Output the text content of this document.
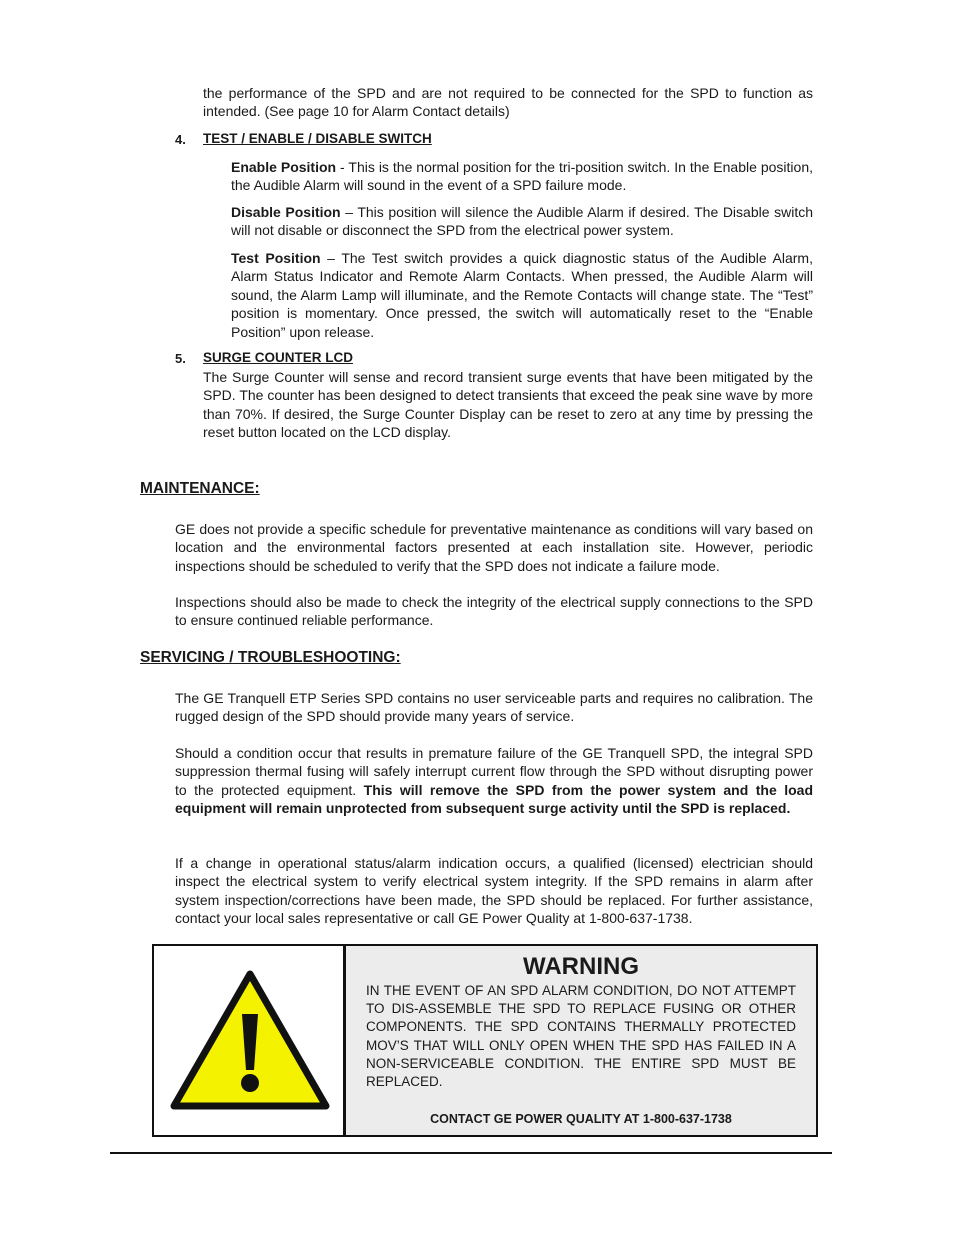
the performance of the SPD and are not required to be connected for the SPD to function as intended. (See page 10 for Alarm Contact details)

4. TEST / ENABLE / DISABLE SWITCH

Enable Position - This is the normal position for the tri-position switch. In the Enable position, the Audible Alarm will sound in the event of a SPD failure mode.

Disable Position – This position will silence the Audible Alarm if desired. The Disable switch will not disable or disconnect the SPD from the electrical power system.

Test Position – The Test switch provides a quick diagnostic status of the Audible Alarm, Alarm Status Indicator and Remote Alarm Contacts. When pressed, the Audible Alarm will sound, the Alarm Lamp will illuminate, and the Remote Contacts will change state. The “Test” position is momentary. Once pressed, the switch will automatically reset to the “Enable Position” upon release.

5. SURGE COUNTER LCD

The Surge Counter will sense and record transient surge events that have been mitigated by the SPD. The counter has been designed to detect transients that exceed the peak sine wave by more than 70%. If desired, the Surge Counter Display can be reset to zero at any time by pressing the reset button located on the LCD display.

MAINTENANCE:

GE does not provide a specific schedule for preventative maintenance as conditions will vary based on location and the environmental factors presented at each installation site. However, periodic inspections should be scheduled to verify that the SPD does not indicate a failure mode.

Inspections should also be made to check the integrity of the electrical supply connections to the SPD to ensure continued reliable performance.

SERVICING / TROUBLESHOOTING:

The GE Tranquell ETP Series SPD contains no user serviceable parts and requires no calibration. The rugged design of the SPD should provide many years of service.

Should a condition occur that results in premature failure of the GE Tranquell SPD, the integral SPD suppression thermal fusing will safely interrupt current flow through the SPD without disrupting power to the protected equipment. This will remove the SPD from the power system and the load equipment will remain unprotected from subsequent surge activity until the SPD is replaced.

If a change in operational status/alarm indication occurs, a qualified (licensed) electrician should inspect the electrical system to verify electrical system integrity. If the SPD remains in alarm after system inspection/corrections have been made, the SPD should be replaced. For further assistance, contact your local sales representative or call GE Power Quality at 1-800-637-1738.

WARNING

IN THE EVENT OF AN SPD ALARM CONDITION, DO NOT ATTEMPT TO DIS-ASSEMBLE THE SPD TO REPLACE FUSING OR OTHER COMPONENTS. THE SPD CONTAINS THERMALLY PROTECTED MOV’S THAT WILL ONLY OPEN WHEN THE SPD HAS FAILED IN A NON-SERVICEABLE CONDITION. THE ENTIRE SPD MUST BE REPLACED.

CONTACT GE POWER QUALITY AT 1-800-637-1738
